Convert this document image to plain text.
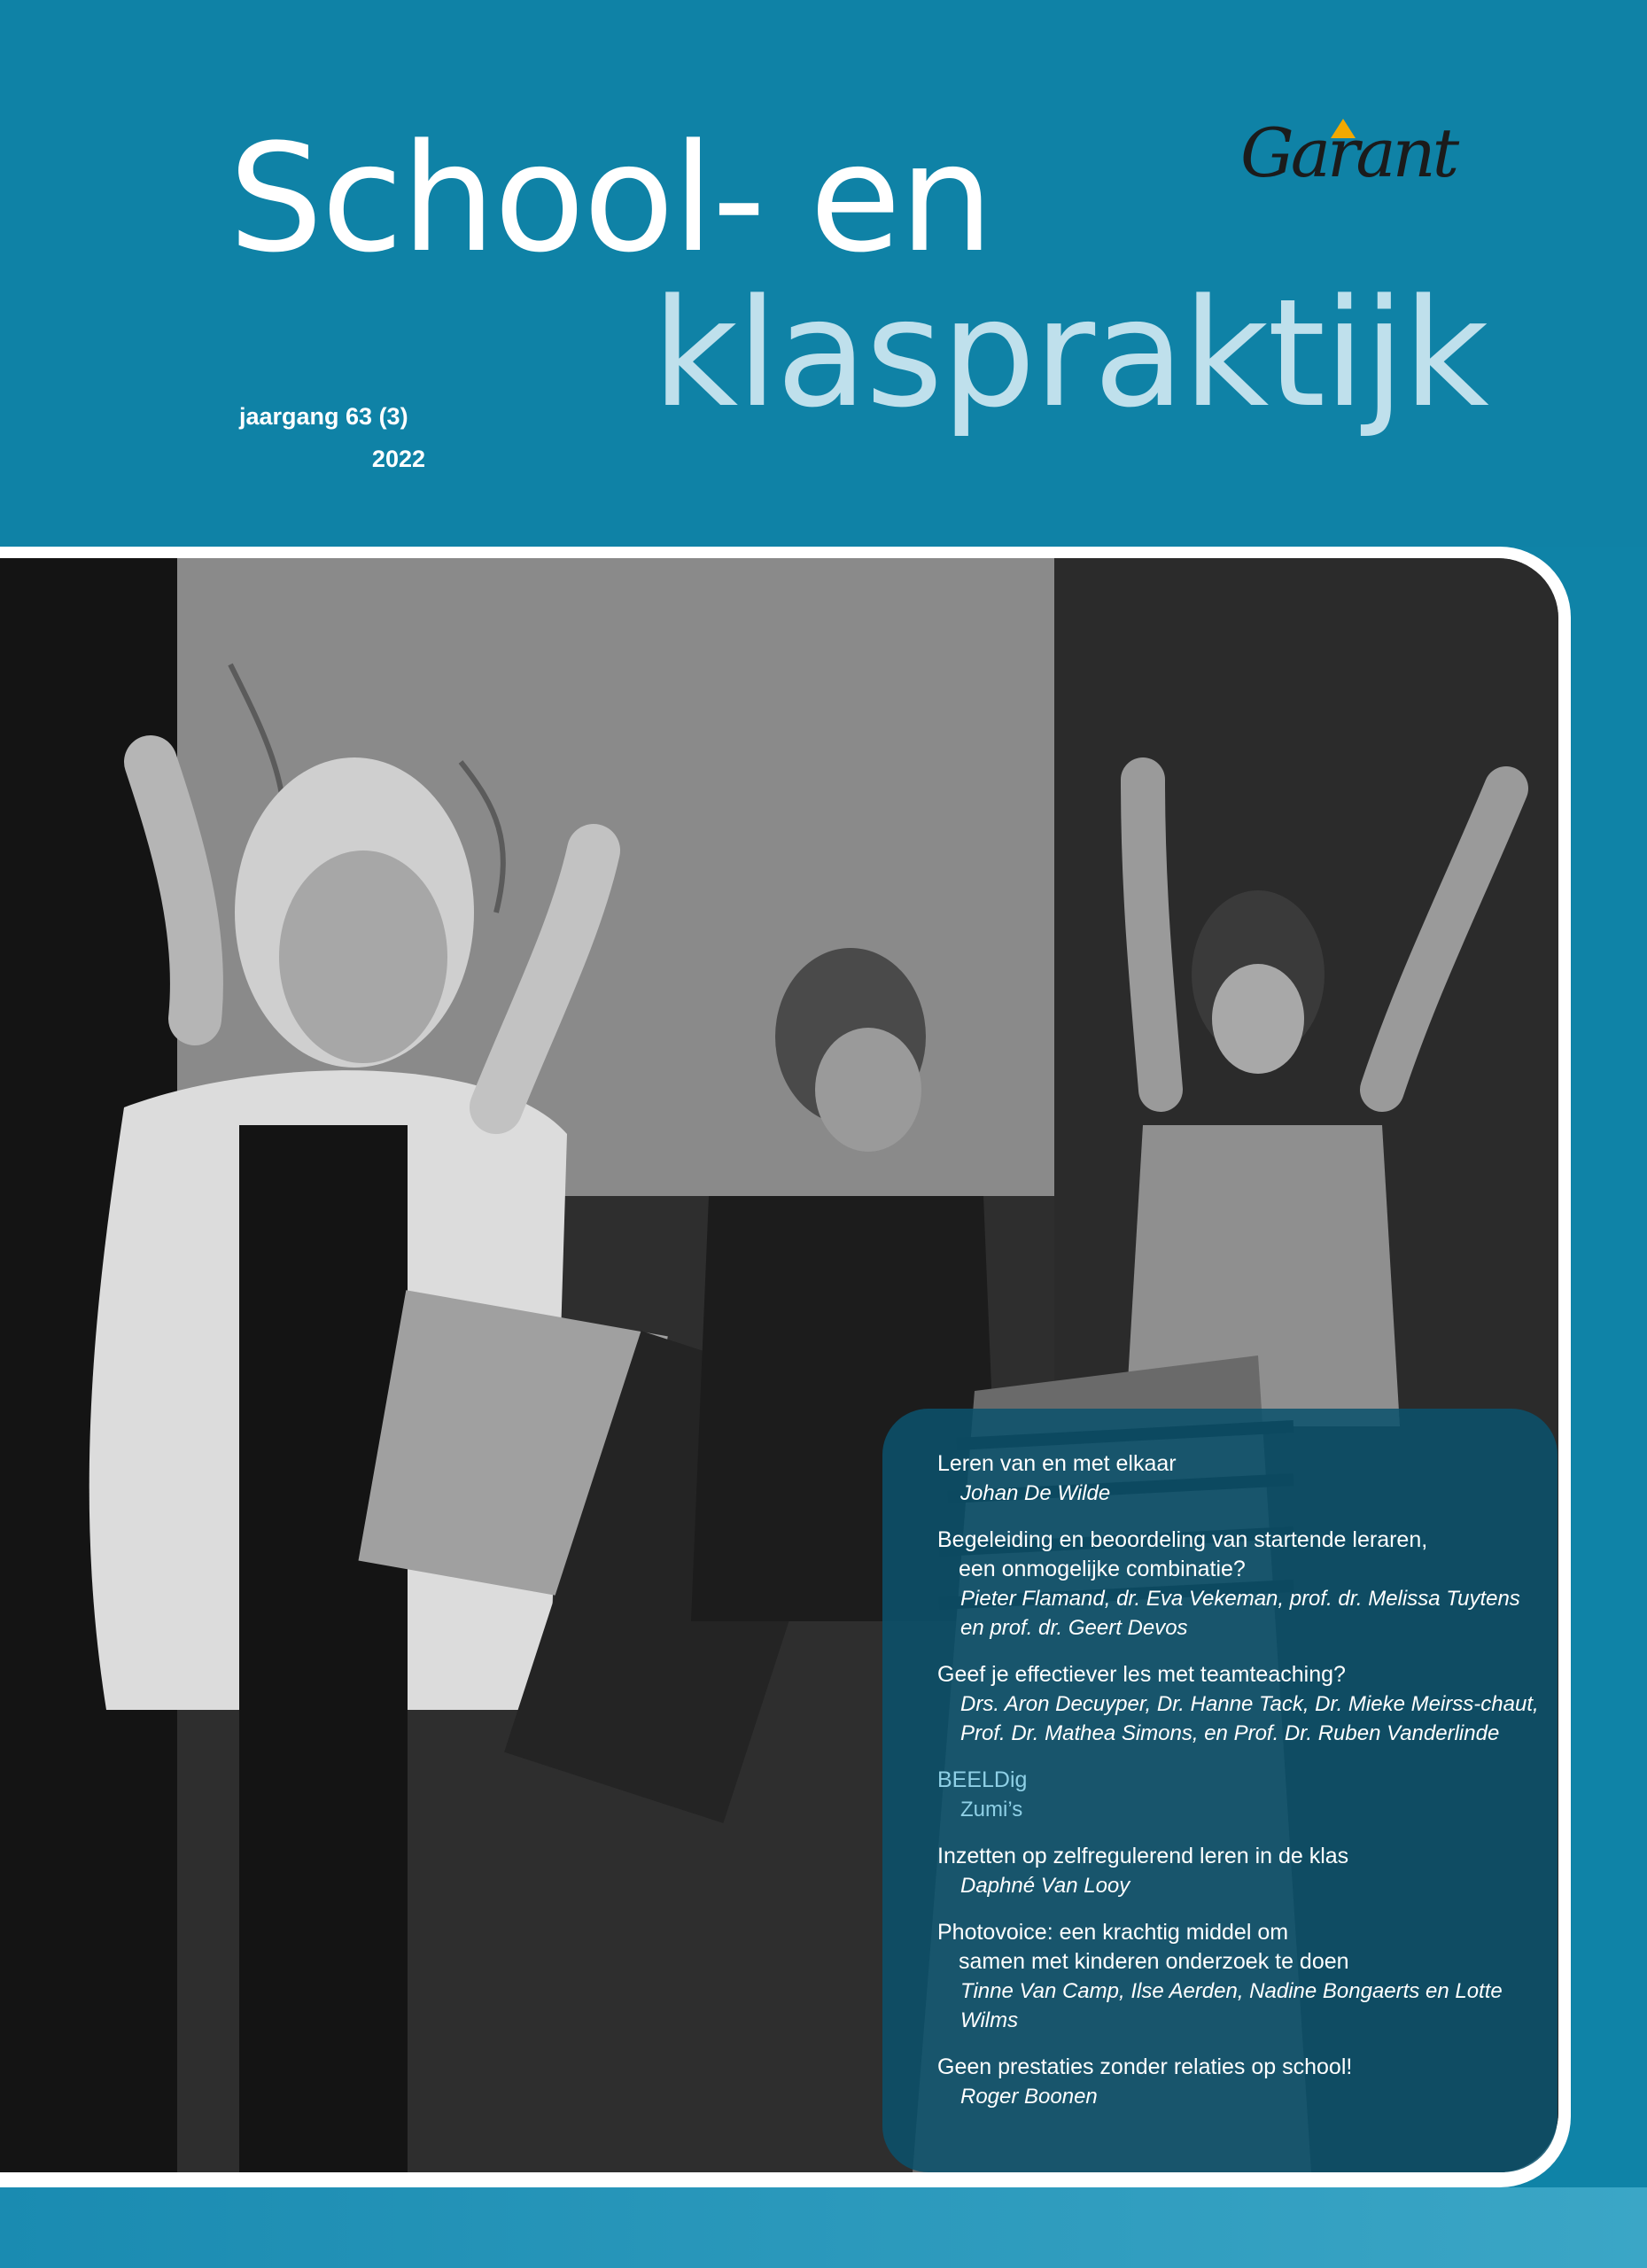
School- en
klaspraktijk
jaargang 63 (3)
2022
Garant
Leren van en met elkaar
Johan De Wilde
Begeleiding en beoordeling van startende leraren,
een onmogelijke combinatie?
Pieter Flamand, dr. Eva Vekeman, prof. dr. Melissa Tuytens en prof. dr. Geert Devos
Geef je effectiever les met teamteaching?
Drs. Aron Decuyper, Dr. Hanne Tack, Dr. Mieke Meirss-chaut, Prof. Dr. Mathea Simons, en Prof. Dr. Ruben Vanderlinde
BEELDig
Zumi’s
Inzetten op zelfregulerend leren in de klas
Daphné Van Looy
Photovoice: een krachtig middel om
samen met kinderen onderzoek te doen
Tinne Van Camp, Ilse Aerden, Nadine Bongaerts en Lotte Wilms
Geen prestaties zonder relaties op school!
Roger Boonen
